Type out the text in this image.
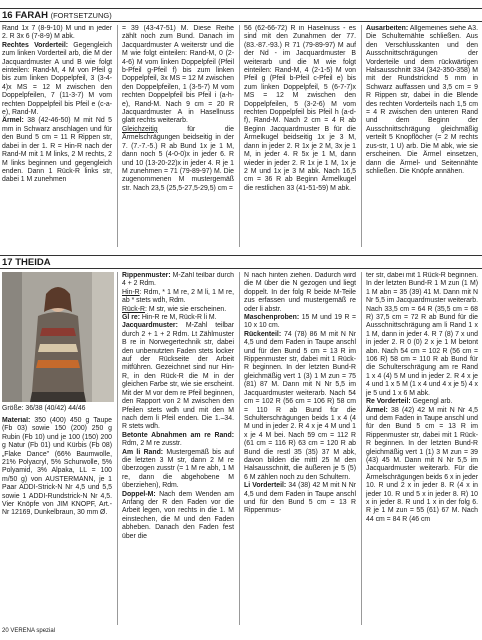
16 FARAH (FORTSETZUNG)

Rand 1x 7 (8-9-10) M und in jeder 2. R 3x 6 (7-8-9) M abk.

Rechtes Vorderteil: Gegengleich zum linken Vorderteil arb, die M der Jacquardmuster A und B wie folgt einteilen: Rand-M, 4 M von Pfeil g bis zum linken Doppelpfeil, 3 (3-4-4)x MS = 12 M zwischen den Doppelpfeilen, 7 (11-3-7) M vom rechten Doppelpfeil bis Pfeil e (c-a-e), Rand-M.

Ärmel: 38 (42-46-50) M mit Nd 5 mm in Schwarz anschlagen und für den Bund 5 cm = 11 R Rippen str, dabei in der 1. R = Hin-R nach der Rand-M mit 1 M links, 2 M rechts, 2 M links beginnen und gegengleich enden. Dann 1 Rück-R links str, dabei 1 M zunehmen

= 39 (43-47-51) M. Diese Reihe zählt noch zum Bund. Danach im Jacquardmuster A weiterstr und die M wie folgt einteilen: Rand-M, 0 (2-4-6) M vom linken Doppelpfeil (Pfeil b-Pfeil g-Pfeil f) bis zum linken Doppelpfeil, 3x MS = 12 M zwischen den Doppelpfeilen, 1 (3-5-7) M vom rechten Doppelpfeil bis Pfeil i (a-h-e), Rand-M. Nach 9 cm = 20 R Jacquardmuster A in Hasellnuss glatt rechts weiterarb.

Gleichzeitig für die Ärmelschrägungen beidseitig in der 7. (7.-7.-5.) R ab Bund 1x je 1 M, dann noch 5 (4-0-0)x in jeder 6. R und 10 (13-20-22)x in jeder 4. R je 1 M zunehmen = 71 (79-89-97) M. Die zugenommenen M mustergemäß str. Nach 23,5 (25,5-27,5-29,5) cm =

56 (62-66-72) R in Haselnuss - es sind mit den Zunahmen der 77. (83.-87.-93.) R 71 (79-89-97) M auf der Nd - im Jacquardmuster B weiterarb und die M wie folgt einteilen: Rand-M, 4 (2-1-5) M von Pfeil g (Pfeil b-Pfeil c-Pfeil e) bis zum linken Doppelpfeil, 5 (6-7-7)x MS = 12 M zwischen den Doppelpfeilen, 5 (3-2-6) M vom rechten Doppelpfeil bis Pfeil h (a-d-f), Rand-M. Nach 2 cm = 4 R ab Beginn Jacquardmuster B für die Ärmelkugel beidseitig 1x je 3 M, dann in jeder 2. R 1x je 2 M, 3x je 1 M, in jeder 4. R 5x je 1 M, dann wieder in jeder 2. R 1x je 1 M, 1x je 2 M und 1x je 3 M abk. Nach 16,5 cm = 36 R ab Beginn Ärmelkugel die restlichen 33 (41-51-59) M abk.

Ausarbeiten: Allgemeines siehe A3. Die Schulternähte schließen. Aus den Verschlusskanten und den Ausschnittschrägungen der Vorderteile und dem rückwärtigen Halsausschnitt 334 (342-350-358) M mit der Rundstricknd 5 mm in Schwarz auffassen und 3,5 cm = 9 R Rippen str, dabei in die Blende des rechten Vorderteils nach 1,5 cm = 4 R zwischen den unteren Rand und dem Beginn der Ausschnittschrägung gleichmäßig verteilt 5 Knopflöcher (= 2 M rechts zus-str, 1 U) arb. Die M abk, wie sie erscheinen. Die Ärmel einsetzen, dann die Ärmel- und Seitennähte schließen. Die Knöpfe annähen.

17 THEIDA
Größe: 36/38 (40/42) 44/46

Material: 350 (400) 450 g Taupe (Fb 03) sowie 150 (200) 250 g Rubin (Fb 10) und je 100 (150) 200 g Natur (Fb 01) und Kürbis (Fb 08) „Flake Dance" (66% Baumwolle, 21% Polyacryl, 5% Schurwolle, 5% Polyamid, 3% Alpaka, LL = 100 m/50 g) von AUSTERMANN, je 1 Paar ADDI-Strick-N Nr 4,5 und 5,5 sowie 1 ADDI-Rundstrick-N Nr 4,5. Vier Knöpfe von JIM KNOPF, Art.-Nr 12169, Dunkelbraun, 30 mm Ø.

Rippenmuster: M-Zahl teilbar durch 4 + 2 Rdm.

Hin-R: Rdm, * 1 M re, 2 M li, 1 M re, ab * stets wdh, Rdm.

Rück-R: M str, wie sie erscheinen.

Gl re: Hin-R re M, Rück-R li M.

Jacquardmuster: M-Zahl teilbar durch 2 + 1 + 2 Rdm. Lt Zählmuster B re in Norwegertechnik str, dabei den unbenutzten Faden stets locker auf der Rückseite der Arbeit mitführen. Gezeichnet sind nur Hin-R, in den Rück-R die M in der gleichen Farbe str, wie sie erscheint. Mit der M vor dem re Pfeil beginnen, den Rapport von 2 M zwischen den Pfeilen stets wdh und mit den M nach dem li Pfeil enden. Die 1.–34. R stets wdh.

Betonte Abnahmen am re Rand: Rdm, 2 M re zusstr.

Am li Rand: Mustergemäß bis auf die letzten 3 M str, dann 2 M re überzogen zusstr (= 1 M re abh, 1 M re, dann die abgehobene M überziehen), Rdm.

Doppel-M: Nach dem Wenden am Anfang der R den Faden vor die Arbeit legen, von rechts in die 1. M einstechen, die M und den Faden abheben. Danach den Faden fest über die

N nach hinten ziehen. Dadurch wird die M über die N gezogen und liegt doppelt. In der folg R beide M-Teile zus erfassen und mustergemäß re oder li abstr.

Maschenproben: 15 M und 19 R = 10 x 10 cm.

Rückenteil: 74 (78) 86 M mit N Nr 4,5 und dem Faden in Taupe anschl und für den Bund 5 cm = 13 R im Rippenmuster str, dabei mit 1 Rück-R beginnen. In der letzten Bund-R gleichmäßig vert 1 (3) 1 M zun = 75 (81) 87 M. Dann mit N Nr 5,5 im Jacquardmuster weiterarb. Nach 54 cm = 102 R (56 cm = 106 R) 58 cm = 110 R ab Bund für die Schulterschrägungen beids 1 x 4 (4 M und in jeder 2. R 4 x je 4 M und 1 x je 4 M bei. Nach 59 cm = 112 R (61 cm = 116 R) 63 cm = 120 R ab Bund die restl 35 (35) 37 M abk, davon bilden die mittl 25 M den Halsausschnitt, die äußeren je 5 (5) 6 M zählen noch zu den Schultern.

Li Vorderteil: 34 (38) 42 M mit N Nr 4,5 und dem Faden in Taupe anschl und für den Bund 5 cm = 13 R Rippenmus-

ter str, dabei mit 1 Rück-R beginnen. In der letzten Bund-R 1 M zun (1 M) 1 M abn = 35 (39) 41 M. Dann mit N Nr 5,5 im Jacquardmuster weiterarb. Nach 33,5 cm = 64 R (35,5 cm = 68 R) 37,5 cm = 72 R ab Bund für die Ausschnittschrägung am li Rand 1 x 1 M, dann in jeder 4. R 7 (8) 7 x und in jeder 2. R 0 (0) 2 x je 1 M betont abn. Nach 54 cm = 102 R (56 cm = 106 R) 58 cm = 110 R ab Bund für die Schulterschrägung am re Rand 1 x 4 (4) 5 M und in jeder 2. R 4 x je 4 und 1 x 5 M (1 x 4 und 4 x je 5) 4 x je 5 und 1 x 6 M abk.

Re Vorderteil: Gegengl arb.

Ärmel: 38 (42) 42 M mit N Nr 4,5 und dem Faden in Taupe anschl und für den Bund 5 cm = 13 R im Rippenmuster str, dabei mit 1 Rück-R beginnen. In der letzten Bund-R gleichmäßig vert 1 (1) 3 M zun = 39 (43) 45 M. Dann mit N Nr 5,5 im Jacquardmuster weiterarb. Für die Ärmelschrägungen beids 6 x in jeder 10. R und 2 x in jeder 8. R (4 x in jeder 10. R und 5 x in jeder 8. R) 10 x in jeder 8. R und 1 x in der folg 6. R je 1 M zun = 55 (61) 67 M. Nach 44 cm = 84 R (46 cm

20 VERENA spezial
